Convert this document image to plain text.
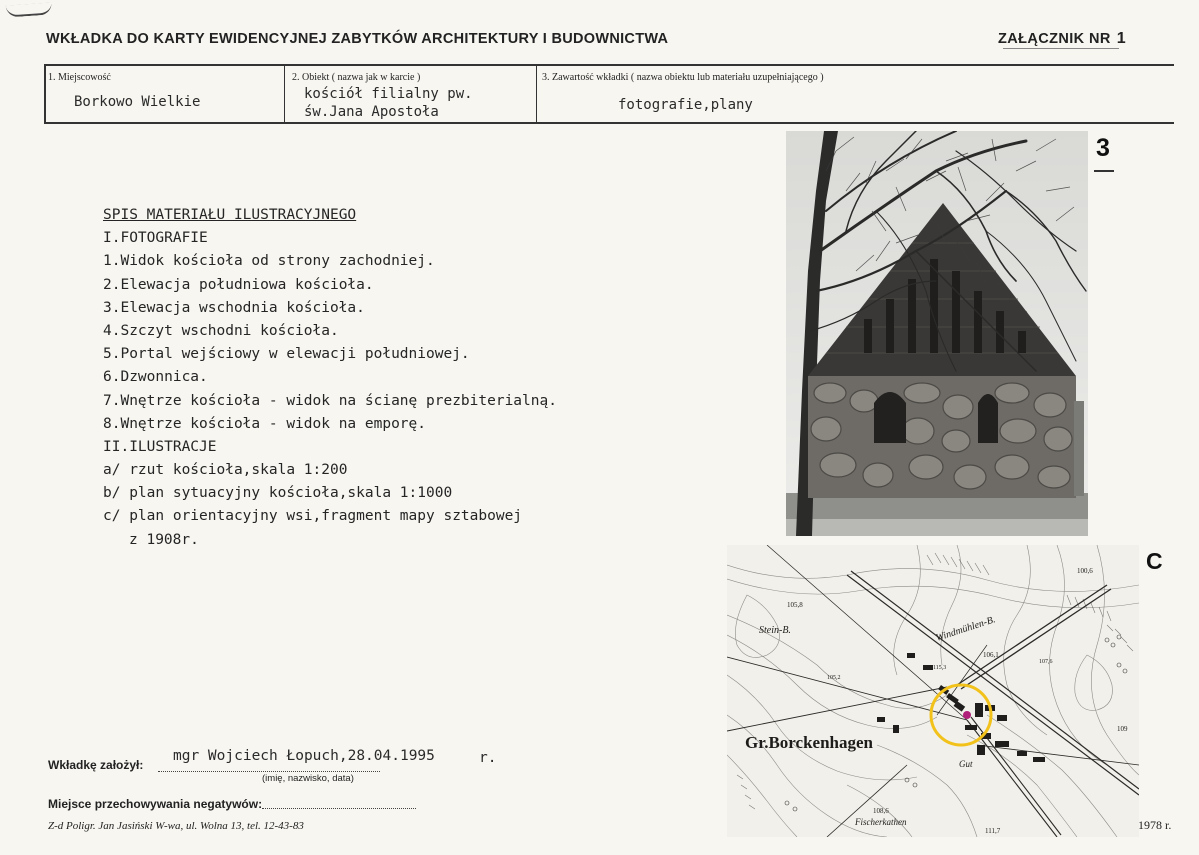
WKŁADKA DO KARTY EWIDENCYJNEJ ZABYTKÓW ARCHITEKTURY I BUDOWNICTWA	ZAŁĄCZNIK NR 1
1. Miejscowość
Borkowo Wielkie
2. Obiekt ( nazwa jak w karcie )
kościół filialny pw.
św.Jana Apostoła
3. Zawartość wkładki ( nazwa obiektu lub materiału uzupełniającego )
fotografie,plany
SPIS MATERIAŁU ILUSTRACYJNEGO
I.FOTOGRAFIE
1.Widok kościoła od strony zachodniej.
2.Elewacja południowa kościoła.
3.Elewacja wschodnia kościoła.
4.Szczyt wschodni kościoła.
5.Portal wejściowy w elewacji południowej.
6.Dzwonnica.
7.Wnętrze kościoła - widok na ścianę prezbiterialną.
8.Wnętrze kościoła - widok na emporę.
II.ILUSTRACJE
a/ rzut kościoła,skala 1:200
b/ plan sytuacyjny kościoła,skala 1:1000
c/ plan orientacyjny wsi,fragment mapy sztabowej
z 1908r.
3
Gr.Borckenhagen
Stein-B.	Windmühlen-B.
Gut
Fischerkathen
105,8
106,1
108,6
111,7
100,6
115,3
105,2
107,6
109
C
1978 r.
Wkładkę założył:
mgr Wojciech Łopuch,28.04.1995	r.
(imię, nazwisko, data)
Miejsce przechowywania negatywów:
Z-d Poligr. Jan Jasiński W-wa, ul. Wolna 13, tel. 12-43-83
